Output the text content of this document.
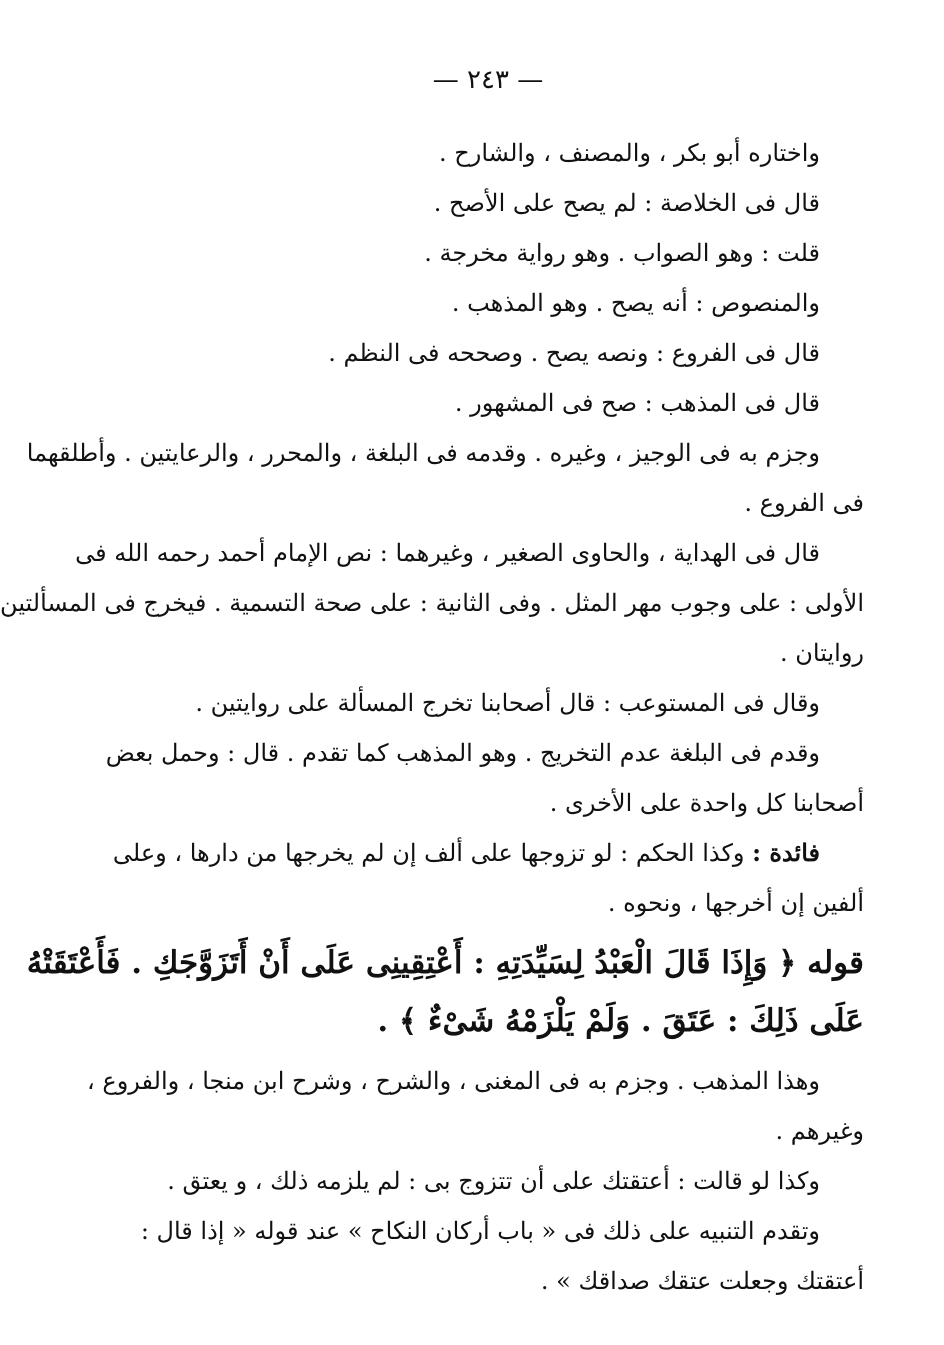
— ٢٤٣ —
واختاره أبو بكر ، والمصنف ، والشارح .
قال فى الخلاصة : لم يصح على الأصح .
قلت : وهو الصواب . وهو رواية مخرجة .
والمنصوص : أنه يصح . وهو المذهب .
قال فى الفروع : ونصه يصح . وصححه فى النظم .
قال فى المذهب : صح فى المشهور .
وجزم به فى الوجيز ، وغيره . وقدمه فى البلغة ، والمحرر ، والرعايتين . وأطلقهما
فى الفروع .
قال فى الهداية ، والحاوى الصغير ، وغيرهما : نص الإمام أحمد رحمه الله فى
الأولى : على وجوب مهر المثل . وفى الثانية : على صحة التسمية . فيخرج فى المسألتين
روايتان .
وقال فى المستوعب : قال أصحابنا تخرج المسألة على روايتين .
وقدم فى البلغة عدم التخريج . وهو المذهب كما تقدم . قال : وحمل بعض
أصحابنا كل واحدة على الأخرى .
فائدة : وكذا الحكم : لو تزوجها على ألف إن لم يخرجها من دارها ، وعلى
ألفين إن أخرجها ، ونحوه .
قوله ﴿ وَإِذَا قَالَ الْعَبْدُ لِسَيِّدَتِهِ : أَعْتِقِينِى عَلَى أَنْ أَتَزَوَّجَكِ . فَأَعْتَقَتْهُ
عَلَى ذَلِكَ : عَتَقَ . وَلَمْ يَلْزَمْهُ شَىْءٌ ﴾ .
وهذا المذهب . وجزم به فى المغنى ، والشرح ، وشرح ابن منجا ، والفروع ،
وغيرهم .
وكذا لو قالت : أعتقتك على أن تتزوج بى : لم يلزمه ذلك ، و يعتق .
وتقدم التنبيه على ذلك فى « باب أركان النكاح » عند قوله « إذا قال :
أعتقتك وجعلت عتقك صداقك » .
